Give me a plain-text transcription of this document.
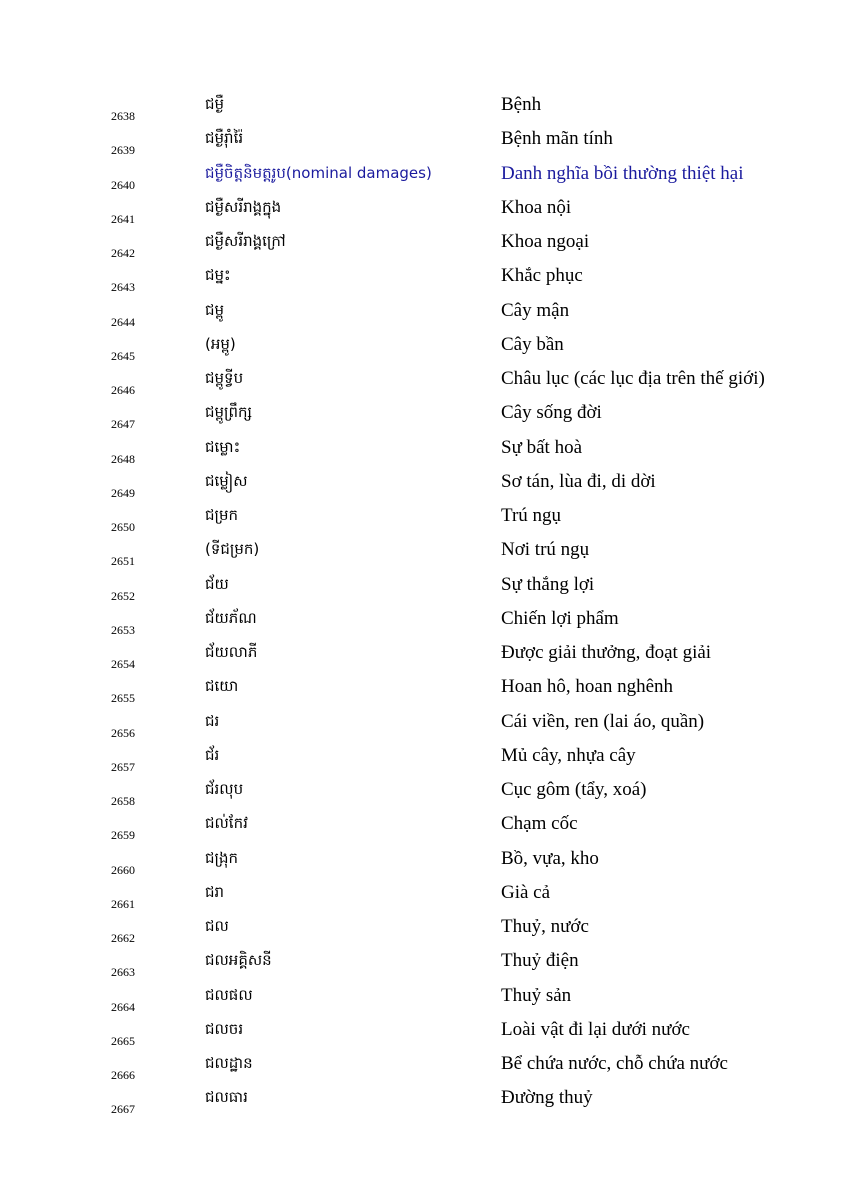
2638
ជម្ងឺ	Bệnh
2639
ជម្ងឺរ៉ាំរ៉ៃ	Bệnh mãn tính
2640
ជម្ងឺចិត្តនិមត្តរូប(nominal damages)	Danh nghĩa bồi thường thiệt hại
2641
ជម្ងឺសរីរាង្គក្នុង	Khoa nội
2642
ជម្ងឺសរីរាង្គក្រៅ	Khoa ngoại
2643
ជម្នះ	Khắc phục
2644
ជម្ពូ	Cây mận
2645
(អម្ពូ)	Cây bần
2646
ជម្ពូទ្វីប	Châu lục (các lục địa trên thế giới)
2647
ជម្ពូព្រឹក្ស	Cây sống đời
2648
ជម្លោះ	Sự bất hoà
2649
ជម្លៀស	Sơ tán, lùa đi, di dời
2650
ជម្រក	Trú ngụ
2651
(ទីជម្រក)	Nơi trú ngụ
2652
ជ័យ	Sự thắng lợi
2653
ជ័យភ័ណ	Chiến lợi phẩm
2654
ជ័យលាភី	Được giải thưởng, đoạt giải
2655
ជយោ	Hoan hô, hoan nghênh
2656
ជរ	Cái viền, ren (lai áo, quần)
2657
ជ័រ	Mủ cây, nhựa cây
2658
ជ័រលុប	Cục gôm (tẩy, xoá)
2659
ជល់កែវ	Chạm cốc
2660
ជង្រុក	Bồ, vựa, kho
2661
ជរា	Già cả
2662
ជល	Thuỷ, nước
2663
ជលអគ្គិសនី	Thuỷ điện
2664
ជលផល	Thuỷ sản
2665
ជលចរ	Loài vật đi lại dưới nước
2666
ជលដ្ឋាន	Bể chứa nước, chỗ chứa nước
2667
ជលធារ	Đường thuỷ
